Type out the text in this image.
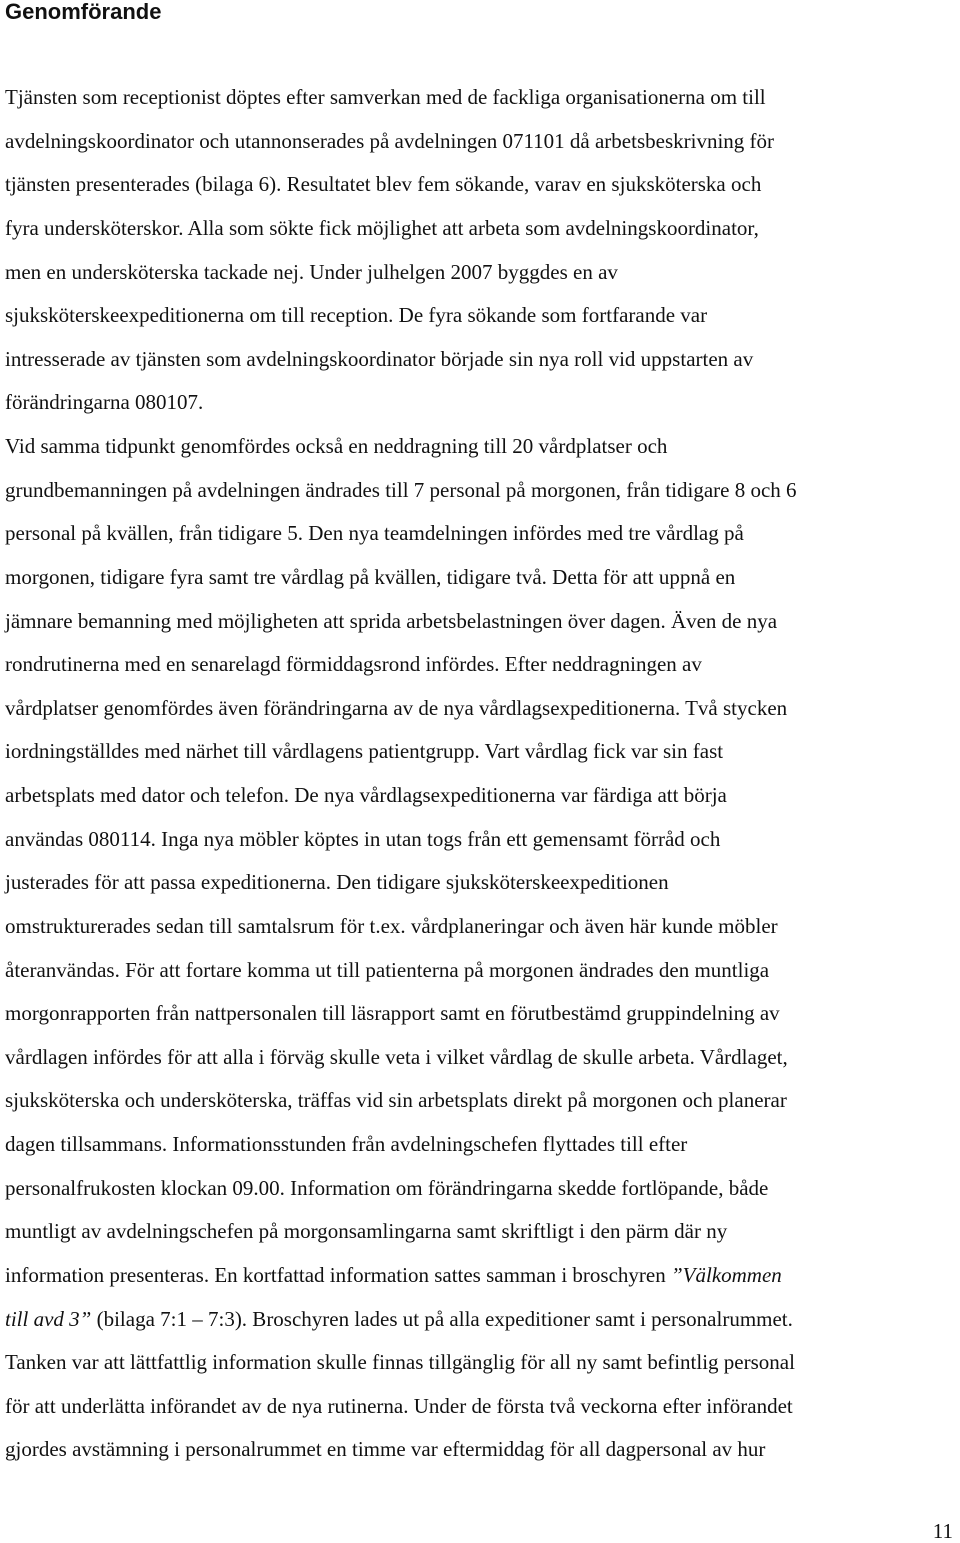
Genomförande
Tjänsten som receptionist döptes efter samverkan med de fackliga organisationerna om till
avdelningskoordinator och utannonserades på avdelningen 071101 då arbetsbeskrivning för
tjänsten presenterades (bilaga 6). Resultatet blev fem sökande, varav en sjuksköterska och
fyra undersköterskor. Alla som sökte fick möjlighet att arbeta som avdelningskoordinator,
men en undersköterska tackade nej. Under julhelgen 2007 byggdes en av
sjuksköterskeexpeditionerna om till reception. De fyra sökande som fortfarande var
intresserade av tjänsten som avdelningskoordinator började sin nya roll vid uppstarten av
förändringarna 080107.
Vid samma tidpunkt genomfördes också en neddragning till 20 vårdplatser och
grundbemanningen på avdelningen ändrades till 7 personal på morgonen, från tidigare 8 och 6
personal på kvällen, från tidigare 5. Den nya teamdelningen infördes med tre vårdlag på
morgonen, tidigare fyra samt tre vårdlag på kvällen, tidigare två. Detta för att uppnå en
jämnare bemanning med möjligheten att sprida arbetsbelastningen över dagen. Även de nya
rondrutinerna med en senarelagd förmiddagsrond infördes. Efter neddragningen av
vårdplatser genomfördes även förändringarna av de nya vårdlagsexpeditionerna. Två stycken
iordningställdes med närhet till vårdlagens patientgrupp. Vart vårdlag fick var sin fast
arbetsplats med dator och telefon. De nya vårdlagsexpeditionerna var färdiga att börja
användas 080114. Inga nya möbler köptes in utan togs från ett gemensamt förråd och
justerades för att passa expeditionerna. Den tidigare sjuksköterskeexpeditionen
omstrukturerades sedan till samtalsrum för t.ex. vårdplaneringar och även här kunde möbler
återanvändas. För att fortare komma ut till patienterna på morgonen ändrades den muntliga
morgonrapporten från nattpersonalen till läsrapport samt en förutbestämd gruppindelning av
vårdlagen infördes för att alla i förväg skulle veta i vilket vårdlag de skulle arbeta. Vårdlaget,
sjuksköterska och undersköterska, träffas vid sin arbetsplats direkt på morgonen och planerar
dagen tillsammans. Informationsstunden från avdelningschefen flyttades till efter
personalfrukosten klockan 09.00. Information om förändringarna skedde fortlöpande, både
muntligt av avdelningschefen på morgonsamlingarna samt skriftligt i den pärm där ny
information presenteras. En kortfattad information sattes samman i broschyren ”Välkommen
till avd 3” (bilaga 7:1 – 7:3). Broschyren lades ut på alla expeditioner samt i personalrummet.
Tanken var att lättfattlig information skulle finnas tillgänglig för all ny samt befintlig personal
för att underlätta införandet av de nya rutinerna. Under de första två veckorna efter införandet
gjordes avstämning i personalrummet en timme var eftermiddag för all dagpersonal av hur
11
